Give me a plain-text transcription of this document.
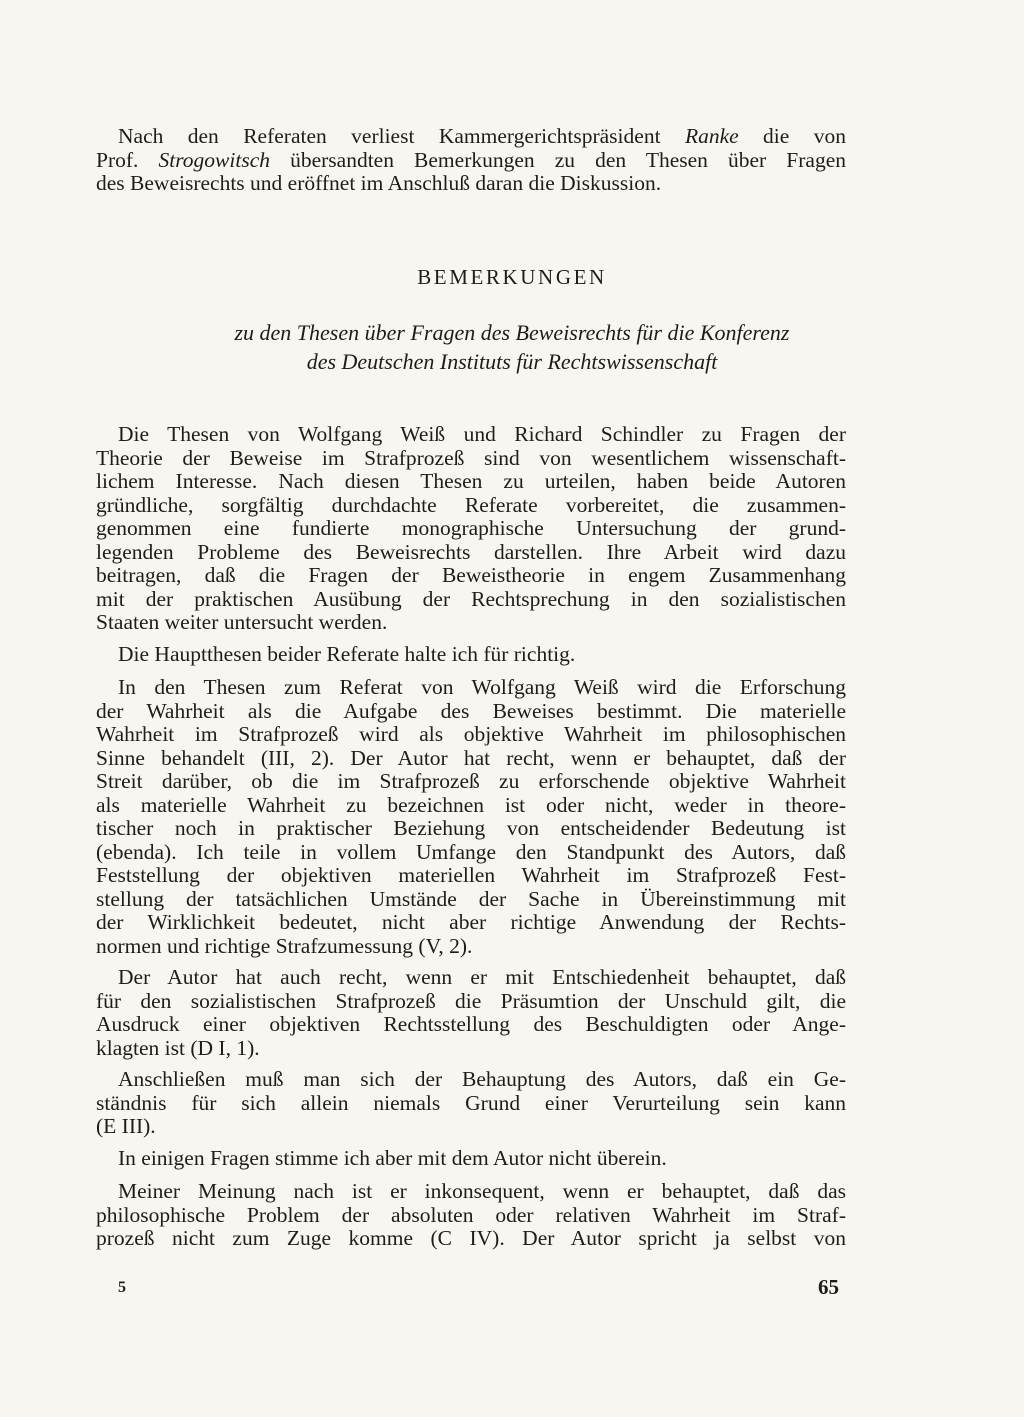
Nach den Referaten verliest Kammergerichtspräsident Ranke die von

Prof. Strogowitsch übersandten Bemerkungen zu den Thesen über Fragen

des Beweisrechts und eröffnet im Anschluß daran die Diskussion.

BEMERKUNGEN
zu den Thesen über Fragen des Beweisrechts für die Konferenz
des Deutschen Instituts für Rechtswissenschaft

Die Thesen von Wolfgang Weiß und Richard Schindler zu Fragen der

Theorie der Beweise im Strafprozeß sind von wesentlichem wissenschaft-

lichem Interesse. Nach diesen Thesen zu urteilen, haben beide Autoren

gründliche, sorgfältig durchdachte Referate vorbereitet, die zusammen-

genommen eine fundierte monographische Untersuchung der grund-

legenden Probleme des Beweisrechts darstellen. Ihre Arbeit wird dazu

beitragen, daß die Fragen der Beweistheorie in engem Zusammenhang

mit der praktischen Ausübung der Rechtsprechung in den sozialistischen

Staaten weiter untersucht werden.

Die Hauptthesen beider Referate halte ich für richtig.

In den Thesen zum Referat von Wolfgang Weiß wird die Erforschung

der Wahrheit als die Aufgabe des Beweises bestimmt. Die materielle

Wahrheit im Strafprozeß wird als objektive Wahrheit im philosophischen

Sinne behandelt (III, 2). Der Autor hat recht, wenn er behauptet, daß der

Streit darüber, ob die im Strafprozeß zu erforschende objektive Wahrheit

als materielle Wahrheit zu bezeichnen ist oder nicht, weder in theore-

tischer noch in praktischer Beziehung von entscheidender Bedeutung ist

(ebenda). Ich teile in vollem Umfange den Standpunkt des Autors, daß

Feststellung der objektiven materiellen Wahrheit im Strafprozeß Fest-

stellung der tatsächlichen Umstände der Sache in Übereinstimmung mit

der Wirklichkeit bedeutet, nicht aber richtige Anwendung der Rechts-

normen und richtige Strafzumessung (V, 2).

Der Autor hat auch recht, wenn er mit Entschiedenheit behauptet, daß

für den sozialistischen Strafprozeß die Präsumtion der Unschuld gilt, die

Ausdruck einer objektiven Rechtsstellung des Beschuldigten oder Ange-

klagten ist (D I, 1).

Anschließen muß man sich der Behauptung des Autors, daß ein Ge-

ständnis für sich allein niemals Grund einer Verurteilung sein kann

(E III).

In einigen Fragen stimme ich aber mit dem Autor nicht überein.

Meiner Meinung nach ist er inkonsequent, wenn er behauptet, daß das

philosophische Problem der absoluten oder relativen Wahrheit im Straf-

prozeß nicht zum Zuge komme (C IV). Der Autor spricht ja selbst von

5	65
